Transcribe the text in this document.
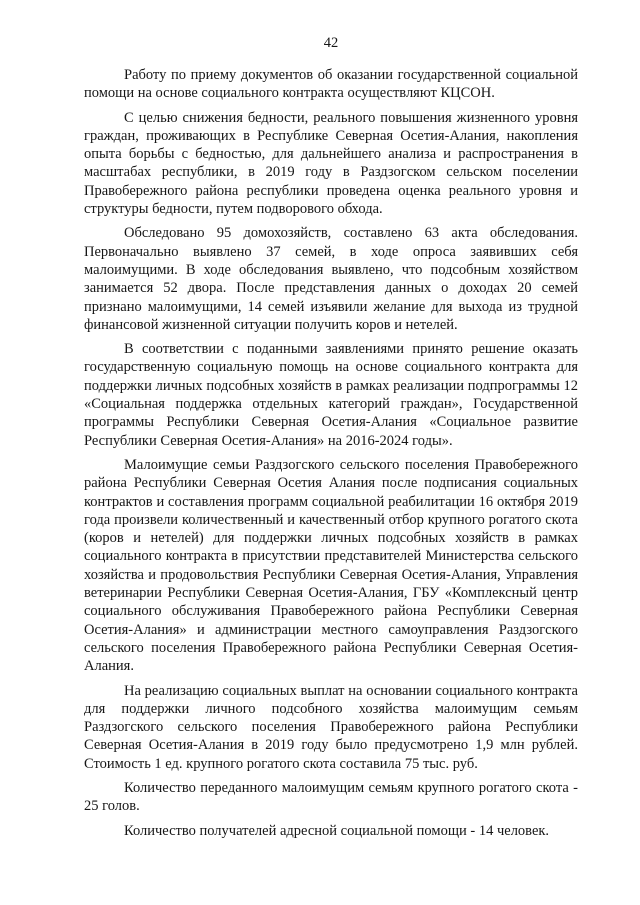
42

Работу по приему документов об оказании государственной социальной помощи на основе социального контракта осуществляют КЦСОН.

С целью снижения бедности, реального повышения жизненного уровня граждан, проживающих в Республике Северная Осетия-Алания, накопления опыта борьбы с бедностью, для дальнейшего анализа и распространения в масштабах республики, в 2019 году в Раздзогском сельском поселении Правобережного района республики проведена оценка реального уровня и структуры бедности, путем подворового обхода.

Обследовано 95 домохозяйств, составлено 63 акта обследования. Первоначально выявлено 37 семей, в ходе опроса заявивших себя малоимущими. В ходе обследования выявлено, что подсобным хозяйством занимается 52 двора. После представления данных о доходах 20 семей признано малоимущими, 14 семей изъявили желание для выхода из трудной финансовой жизненной ситуации получить коров и нетелей.

В соответствии с поданными заявлениями принято решение оказать государственную социальную помощь на основе социального контракта для поддержки личных подсобных хозяйств в рамках реализации подпрограммы 12 «Социальная поддержка отдельных категорий граждан», Государственной программы Республики Северная Осетия-Алания «Социальное развитие Республики Северная Осетия-Алания» на 2016-2024 годы».

Малоимущие семьи Раздзогского сельского поселения Правобережного района Республики Северная Осетия Алания после подписания социальных контрактов и составления программ социальной реабилитации 16 октября 2019 года произвели количественный и качественный отбор крупного рогатого скота (коров и нетелей) для поддержки личных подсобных хозяйств в рамках социального контракта в присутствии представителей Министерства сельского хозяйства и продовольствия Республики Северная Осетия-Алания, Управления ветеринарии Республики Северная Осетия-Алания, ГБУ «Комплексный центр социального обслуживания Правобережного района Республики Северная Осетия-Алания» и администрации местного самоуправления Раздзогского сельского поселения Правобережного района Республики Северная Осетия-Алания.

На реализацию социальных выплат на основании социального контракта для поддержки личного подсобного хозяйства малоимущим семьям Раздзогского сельского поселения Правобережного района Республики Северная Осетия-Алания в 2019 году было предусмотрено 1,9 млн рублей. Стоимость 1 ед. крупного рогатого скота составила 75 тыс. руб.

Количество переданного малоимущим семьям крупного рогатого скота - 25 голов.

Количество получателей адресной социальной помощи - 14 человек.
